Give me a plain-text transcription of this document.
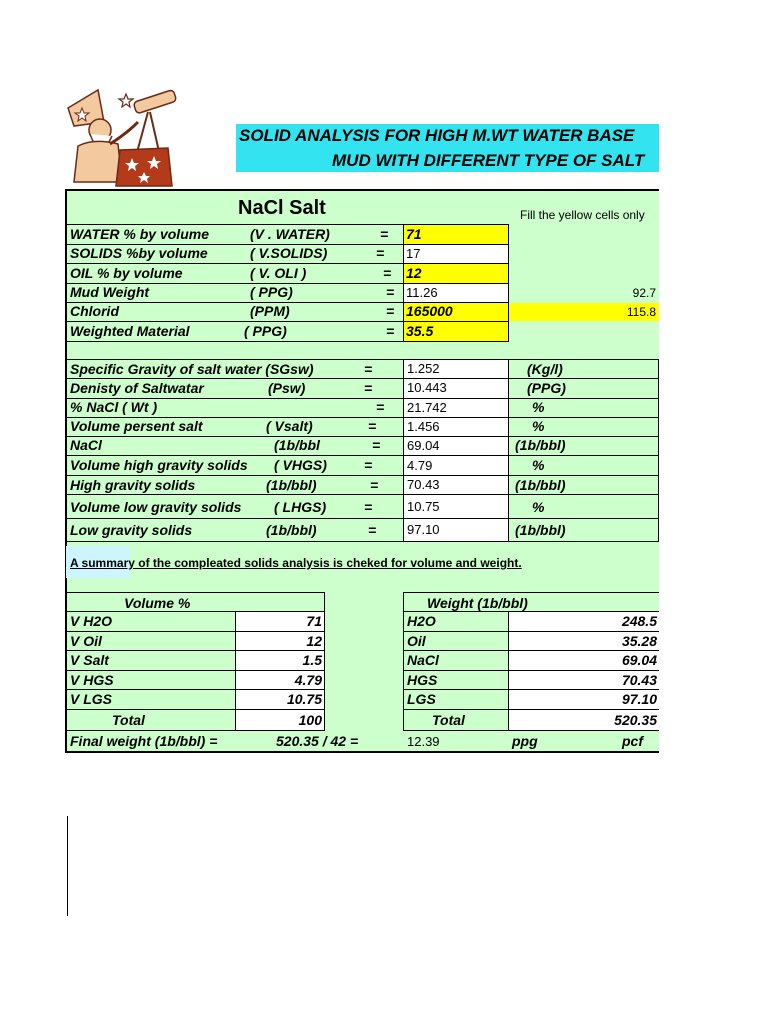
SOLID ANALYSIS FOR HIGH M.WT WATER BASE
MUD WITH DIFFERENT TYPE OF SALT
NaCl Salt	Fill the yellow cells only
WATER % by volume	(V . WATER)	= 71
SOLIDS %by volume	( V.SOLIDS)	= 17
OIL % by volume	( V. OLI )	= 12
Mud Weight	( PPG)	= 11.26	92.7
Chlorid	(PPM)	= 165000	115.8
Weighted Material	( PPG)	= 35.5
Specific Gravity of salt water (SGsw)	=	1.252	(Kg/l)
Denisty of Saltwatar	(Psw)	=	10.443	(PPG)
% NaCl ( Wt )	= 21.742	%
Volume persent salt	( Vsalt)	= 1.456	%
NaCl	(1b/bbl	= 69.04	(1b/bbl)
Volume high gravity solids ( VHGS)	=	4.79	%
High gravity solids	(1b/bbl)	= 70.43	(1b/bbl)
Volume low gravity solids ( LHGS)	=	10.75	%
Low gravity solids	(1b/bbl)	= 97.10	(1b/bbl)
A summary of the compleated solids analysis is cheked for volume and weight.
Volume %
V H2O	71
V Oil	12
V Salt	1.5
V HGS	4.79
V LGS	10.75
Total	100
Weight (1b/bbl)
H2O	248.5
Oil	35.28
NaCl	69.04
HGS	70.43
LGS	97.10
Total	520.35
Final weight (1b/bbl) =	520.35 / 42 =	12.39	ppg	pcf
